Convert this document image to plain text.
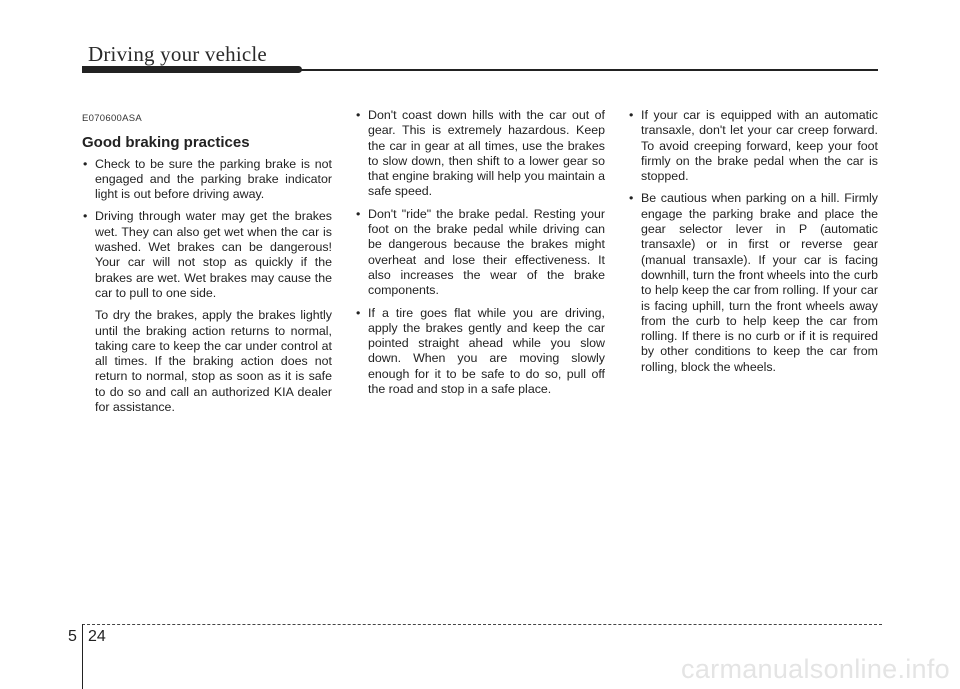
Driving your vehicle
E070600ASA
Good braking practices
• Check to be sure the parking brake is not engaged and the parking brake indicator light is out before driving away.
• Driving through water may get the brakes wet. They can also get wet when the car is washed. Wet brakes can be dangerous! Your car will not stop as quickly if the brakes are wet. Wet brakes may cause the car to pull to one side.
To dry the brakes, apply the brakes lightly until the braking action returns to normal, taking care to keep the car under control at all times. If the braking action does not return to normal, stop as soon as it is safe to do so and call an authorized KIA dealer for assistance.
• Don't coast down hills with the car out of gear. This is extremely hazardous. Keep the car in gear at all times, use the brakes to slow down, then shift to a lower gear so that engine braking will help you maintain a safe speed.
• Don't "ride" the brake pedal. Resting your foot on the brake pedal while driving can be dangerous because the brakes might overheat and lose their effectiveness. It also increases the wear of the brake components.
• If a tire goes flat while you are driving, apply the brakes gently and keep the car pointed straight ahead while you slow down. When you are moving slowly enough for it to be safe to do so, pull off the road and stop in a safe place.
• If your car is equipped with an automatic transaxle, don't let your car creep forward. To avoid creeping forward, keep your foot firmly on the brake pedal when the car is stopped.
• Be cautious when parking on a hill. Firmly engage the parking brake and place the gear selector lever in P (automatic transaxle) or in first or reverse gear (manual transaxle). If your car is facing downhill, turn the front wheels into the curb to help keep the car from rolling. If your car is facing uphill, turn the front wheels away from the curb to help keep the car from rolling. If there is no curb or if it is required by other conditions to keep the car from rolling, block the wheels.
5 24
carmanualsonline.info
